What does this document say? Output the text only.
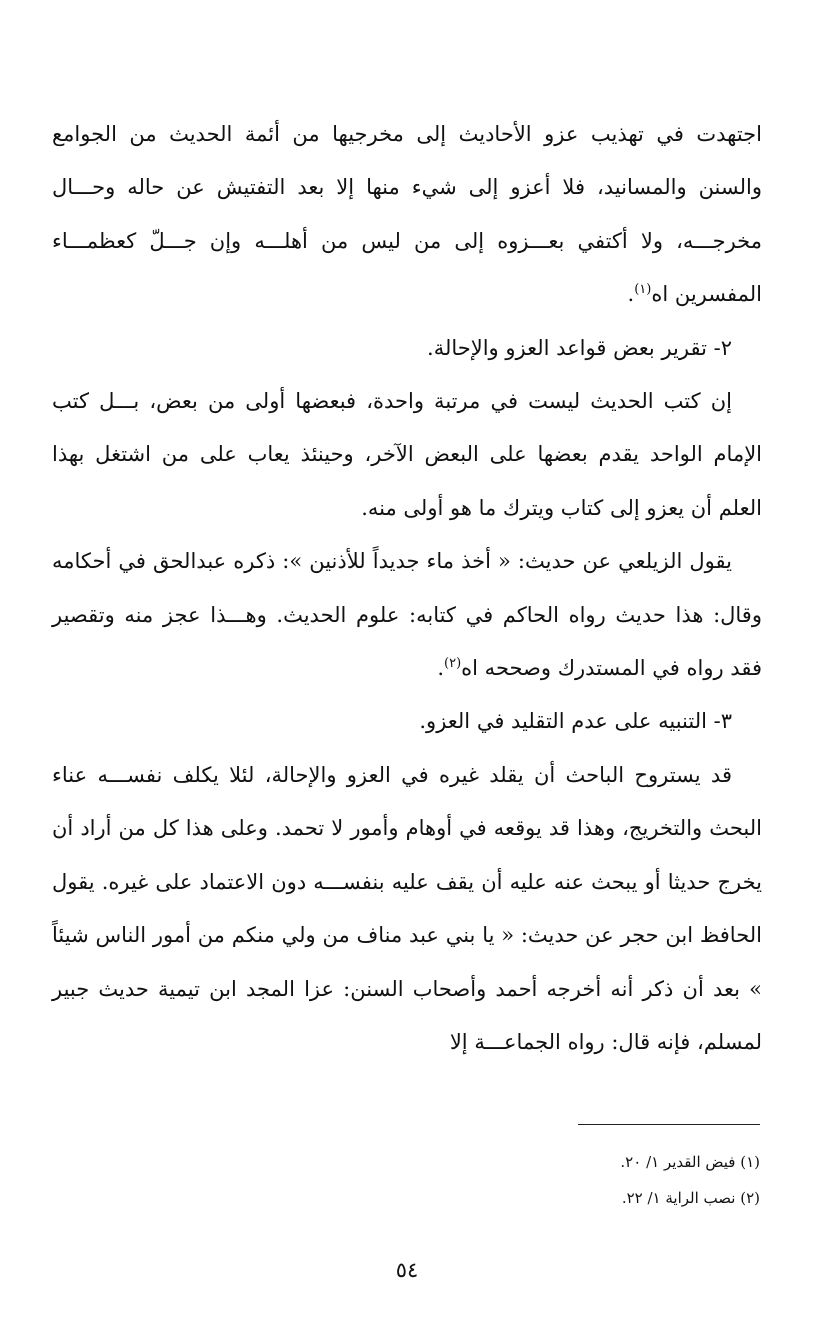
اجتهدت في تهذيب عزو الأحاديث إلى مخرجيها من أئمة الحديث من الجوامع والسنن والمسانيد، فلا أعزو إلى شيء منها إلا بعد التفتيش عن حاله وحـــال مخرجـــه، ولا أكتفي بعـــزوه إلى من ليس من أهلـــه وإن جـــلّ كعظمـــاء المفسرين اه$^{(١)}$.

٢- تقرير بعض قواعد العزو والإحالة.

إن كتب الحديث ليست في مرتبة واحدة، فبعضها أولى من بعض، بـــل كتب الإمام الواحد يقدم بعضها على البعض الآخر، وحينئذ يعاب على من اشتغل بهذا العلم أن يعزو إلى كتاب ويترك ما هو أولى منه.

يقول الزيلعي عن حديث: « أخذ ماء جديداً للأذنين »: ذكره عبدالحق في أحكامه وقال: هذا حديث رواه الحاكم في كتابه: علوم الحديث. وهـــذا عجز منه وتقصير فقد رواه في المستدرك وصححه اه$^{(٢)}$.

٣- التنبيه على عدم التقليد في العزو.

قد يستروح الباحث أن يقلد غيره في العزو والإحالة، لئلا يكلف نفســـه عناء البحث والتخريج، وهذا قد يوقعه في أوهام وأمور لا تحمد. وعلى هذا كل من أراد أن يخرج حديثا أو يبحث عنه عليه أن يقف عليه بنفســـه دون الاعتماد على غيره. يقول الحافظ ابن حجر عن حديث: « يا بني عبد مناف من ولي منكم من أمور الناس شيئاً » بعد أن ذكر أنه أخرجه أحمد وأصحاب السنن: عزا المجد ابن تيمية حديث جبير لمسلم، فإنه قال: رواه الجماعـــة إلا

(١) فيض القدير ١/ ٢٠.

(٢) نصب الراية ١/ ٢٢.

٥٤
